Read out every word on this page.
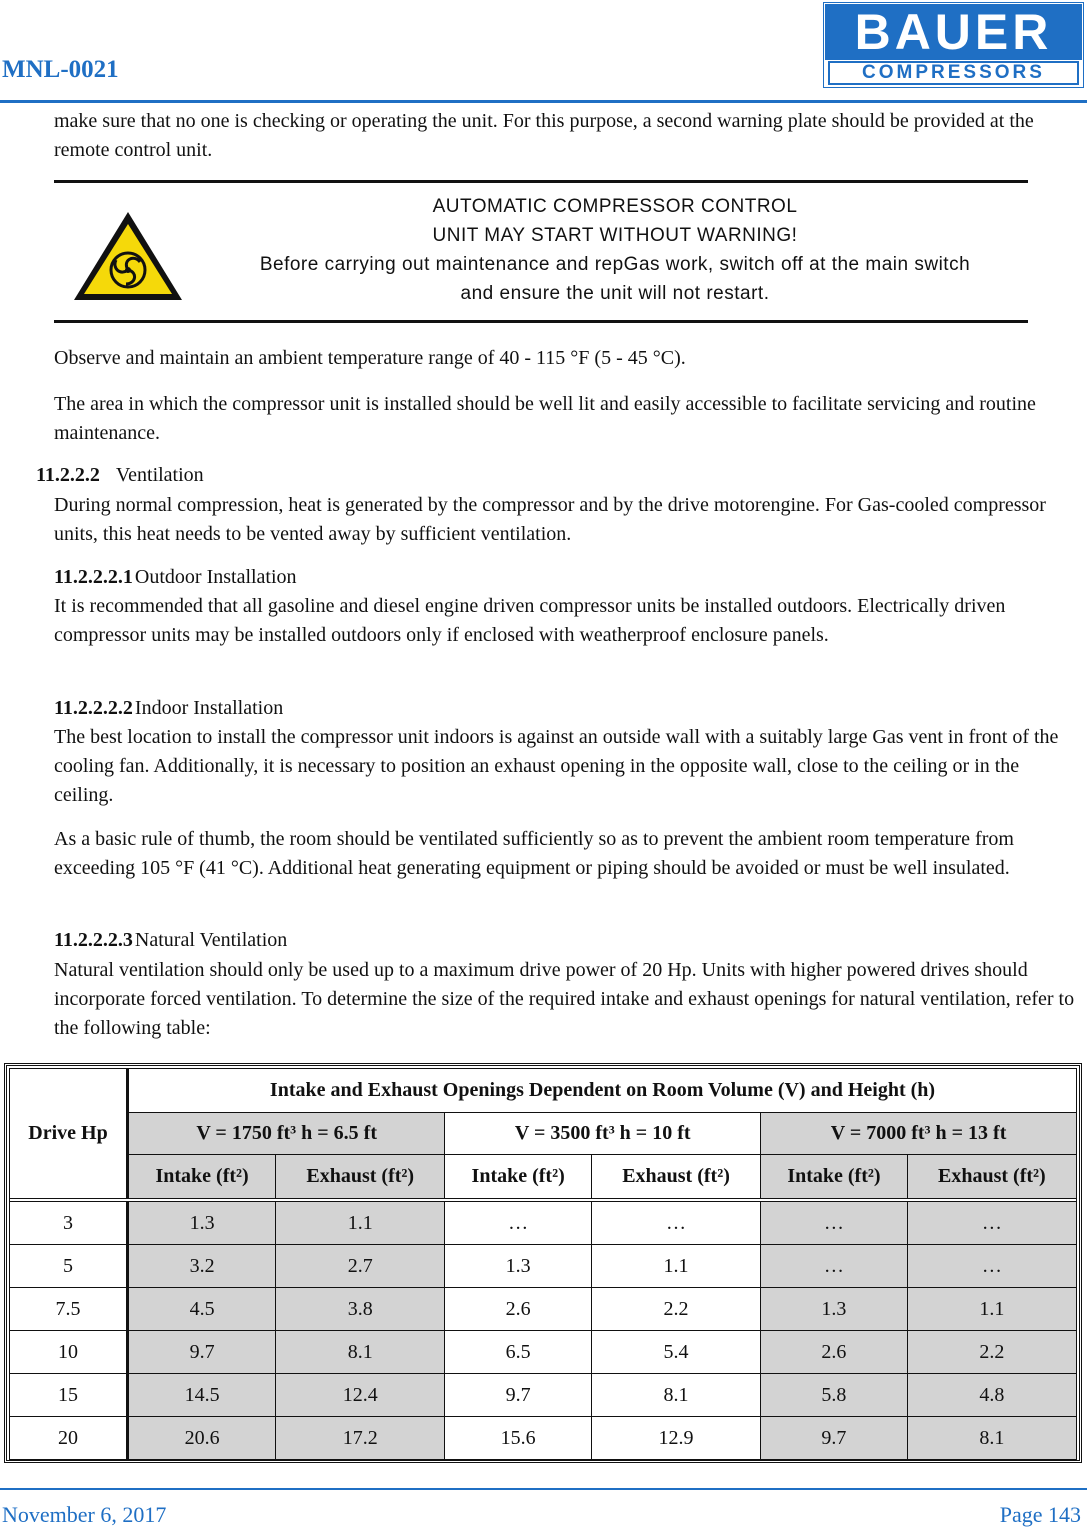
MNL-0021
BAUER
COMPRESSORS

make sure that no one is checking or operating the unit. For this purpose, a second warning plate should be provided at the remote control unit.

AUTOMATIC COMPRESSOR CONTROL
UNIT MAY START WITHOUT WARNING!
Before carrying out maintenance and repGas work, switch off at the main switch
and ensure the unit will not restart.

Observe and maintain an ambient temperature range of 40 - 115 °F (5 - 45 °C).

The area in which the compressor unit is installed should be well lit and easily accessible to facilitate servicing and routine maintenance.

11.2.2.2 Ventilation

During normal compression, heat is generated by the compressor and by the drive motorengine. For Gas-cooled compressor units, this heat needs to be vented away by sufficient ventilation.

11.2.2.2.1 Outdoor Installation

It is recommended that all gasoline and diesel engine driven compressor units be installed outdoors. Electrically driven compressor units may be installed outdoors only if enclosed with weatherproof enclosure panels.

11.2.2.2.2 Indoor Installation

The best location to install the compressor unit indoors is against an outside wall with a suitably large Gas vent in front of the cooling fan. Additionally, it is necessary to position an exhaust opening in the opposite wall, close to the ceiling or in the ceiling.

As a basic rule of thumb, the room should be ventilated sufficiently so as to prevent the ambient room temperature from exceeding 105 °F (41 °C). Additional heat generating equipment or piping should be avoided or must be well insulated.

11.2.2.2.3 Natural Ventilation

Natural ventilation should only be used up to a maximum drive power of 20 Hp. Units with higher powered drives should incorporate forced ventilation. To determine the size of the required intake and exhaust openings for natural ventilation, refer to the following table:

Drive Hp	Intake and Exhaust Openings Dependent on Room Volume (V) and Height (h)					
	V = 1750 ft³ h = 6.5 ft		V = 3500 ft³ h = 10 ft		V = 7000 ft³ h = 13 ft	
	Intake (ft²)	Exhaust (ft²)	Intake (ft²)	Exhaust (ft²)	Intake (ft²)	Exhaust (ft²)

3	1.3	1.1	…	…	…	…
5	3.2	2.7	1.3	1.1	…	…
7.5	4.5	3.8	2.6	2.2	1.3	1.1
10	9.7	8.1	6.5	5.4	2.6	2.2
15	14.5	12.4	9.7	8.1	5.8	4.8
20	20.6	17.2	15.6	12.9	9.7	8.1
November 6, 2017	Page 143
